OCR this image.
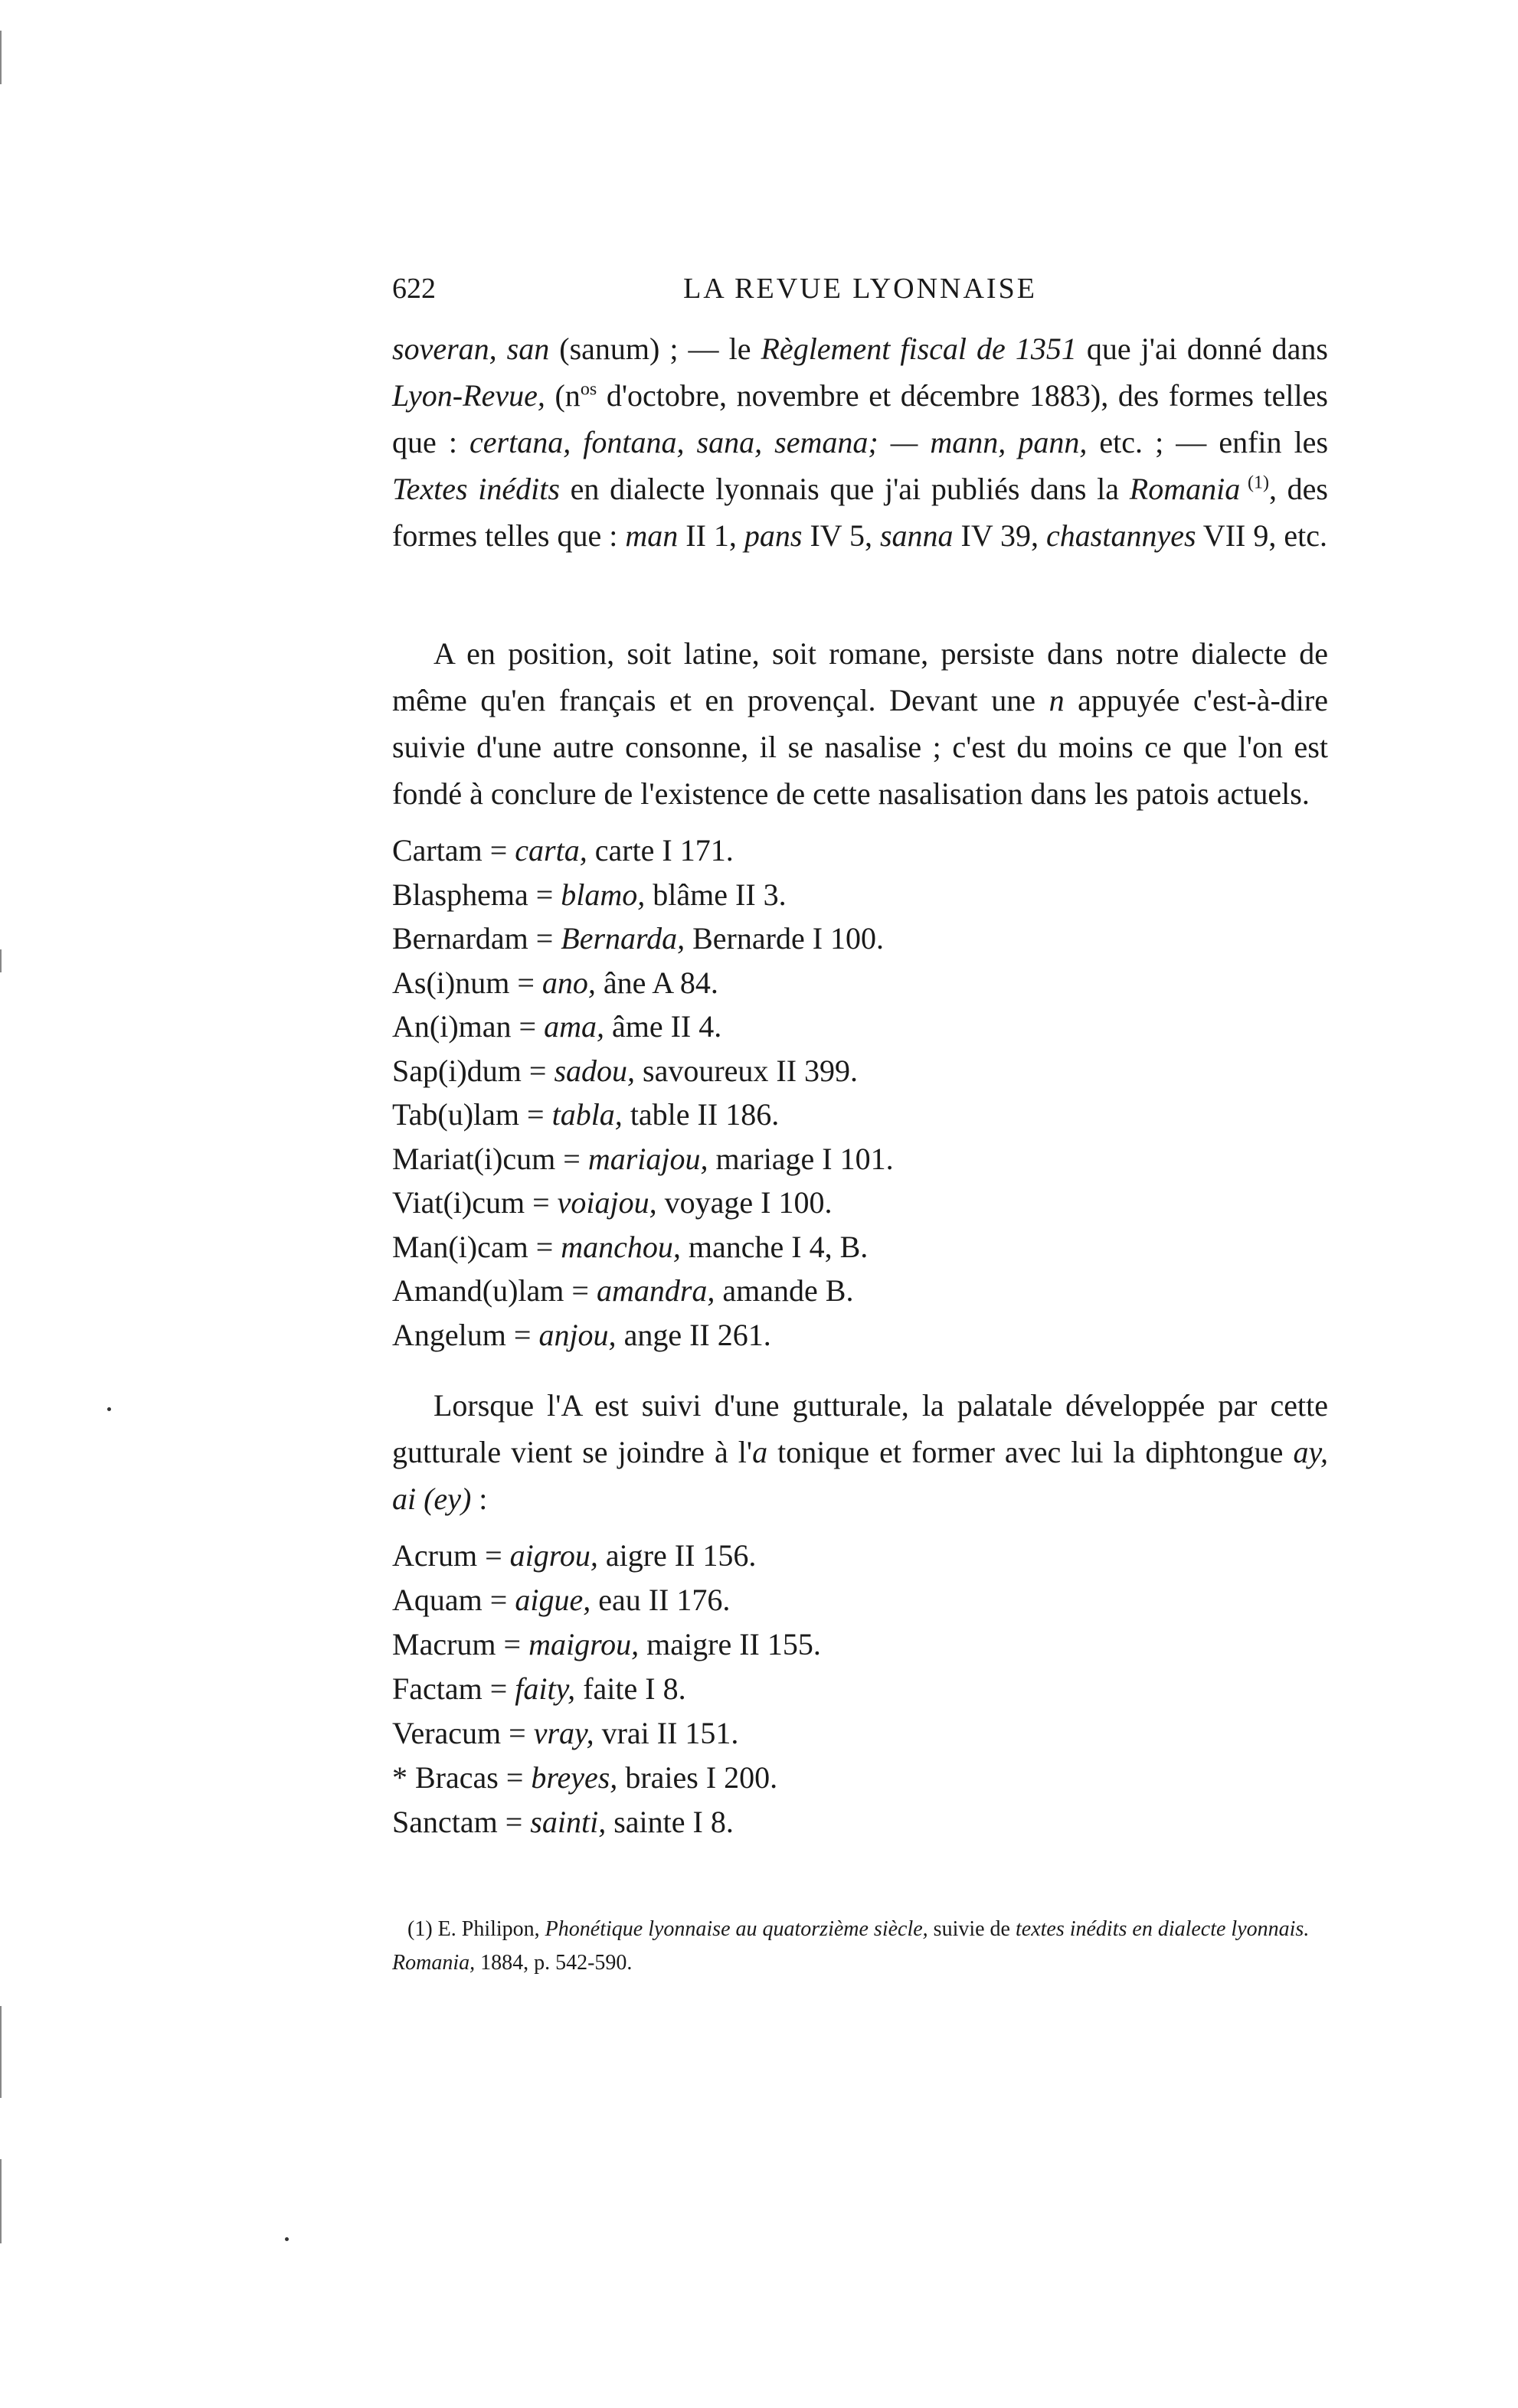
622	LA REVUE LYONNAISE

soveran, san (sanum) ; — le Règlement fiscal de 1351 que j'ai donné dans Lyon-Revue, ($n^{os}$ d'octobre, novembre et décembre 1883), des formes telles que : certana, fontana, sana, semana; — mann, pann, etc. ; — enfin les Textes inédits en dialecte lyonnais que j'ai publiés dans la Romania $^{(1)}$, des formes telles que : man II 1, pans IV 5, sanna IV 39, chastannyes VII 9, etc.

A en position, soit latine, soit romane, persiste dans notre dialecte de même qu'en français et en provençal. Devant une n appuyée c'est-à-dire suivie d'une autre consonne, il se nasalise ; c'est du moins ce que l'on est fondé à conclure de l'existence de cette nasalisation dans les patois actuels.

Cartam = carta, carte I 171.
Blasphema = blamo, blâme II 3.
Bernardam = Bernarda, Bernarde I 100.
As(i)num = ano, âne A 84.
An(i)man = ama, âme II 4.
Sap(i)dum = sadou, savoureux II 399.
Tab(u)lam = tabla, table II 186.
Mariat(i)cum = mariajou, mariage I 101.
Viat(i)cum = voiajou, voyage I 100.
Man(i)cam = manchou, manche I 4, B.
Amand(u)lam = amandra, amande B.
Angelum = anjou, ange II 261.

Lorsque l'A est suivi d'une gutturale, la palatale développée par cette gutturale vient se joindre à l'a tonique et former avec lui la diphtongue ay, ai (ey) :

Acrum = aigrou, aigre II 156.
Aquam = aigue, eau II 176.
Macrum = maigrou, maigre II 155.
Factam = faity, faite I 8.
Veracum = vray, vrai II 151.
* Bracas = breyes, braies I 200.
Sanctam = sainti, sainte I 8.
(1) E. Philipon, Phonétique lyonnaise au quatorzième siècle, suivie de textes inédits en dialecte lyonnais. Romania, 1884, p. 542-590.
